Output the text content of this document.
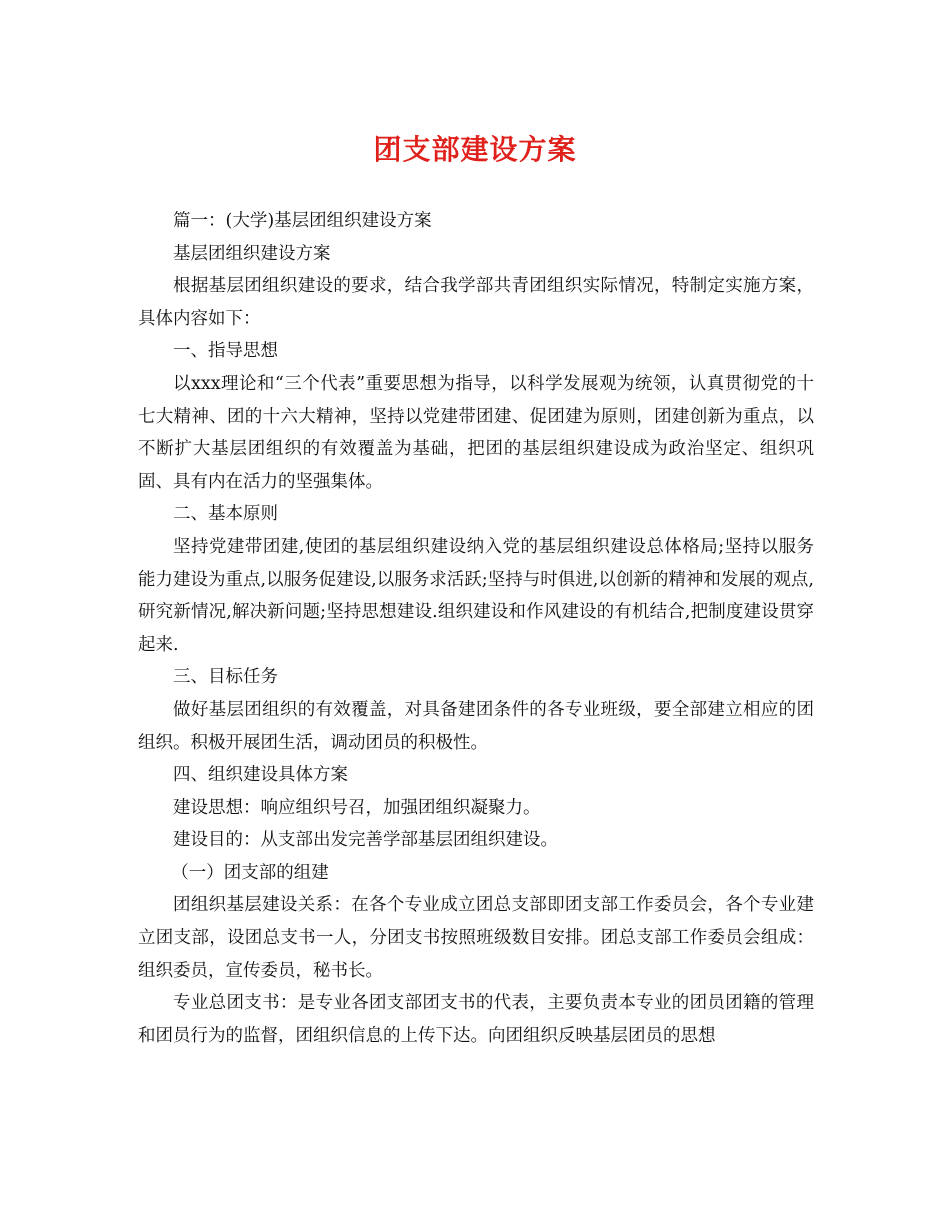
团支部建设方案

篇一：(大学)基层团组织建设方案

基层团组织建设方案

根据基层团组织建设的要求，结合我学部共青团组织实际情况，特制定实施方案，具体内容如下：

一、指导思想

以xxx理论和“三个代表”重要思想为指导，以科学发展观为统领，认真贯彻党的十七大精神、团的十六大精神，坚持以党建带团建、促团建为原则，团建创新为重点，以不断扩大基层团组织的有效覆盖为基础，把团的基层组织建设成为政治坚定、组织巩固、具有内在活力的坚强集体。

二、基本原则

坚持党建带团建,使团的基层组织建设纳入党的基层组织建设总体格局;坚持以服务能力建设为重点,以服务促建设,以服务求活跃;坚持与时俱进,以创新的精神和发展的观点,研究新情况,解决新问题;坚持思想建设.组织建设和作风建设的有机结合,把制度建设贯穿起来.

三、目标任务

做好基层团组织的有效覆盖，对具备建团条件的各专业班级，要全部建立相应的团组织。积极开展团生活，调动团员的积极性。

四、组织建设具体方案

建设思想：响应组织号召，加强团组织凝聚力。

建设目的：从支部出发完善学部基层团组织建设。

（一）团支部的组建

团组织基层建设关系：在各个专业成立团总支部即团支部工作委员会，各个专业建立团支部，设团总支书一人，分团支书按照班级数目安排。团总支部工作委员会组成：组织委员，宣传委员，秘书长。

专业总团支书：是专业各团支部团支书的代表，主要负责本专业的团员团籍的管理和团员行为的监督，团组织信息的上传下达。向团组织反映基层团员的思想
